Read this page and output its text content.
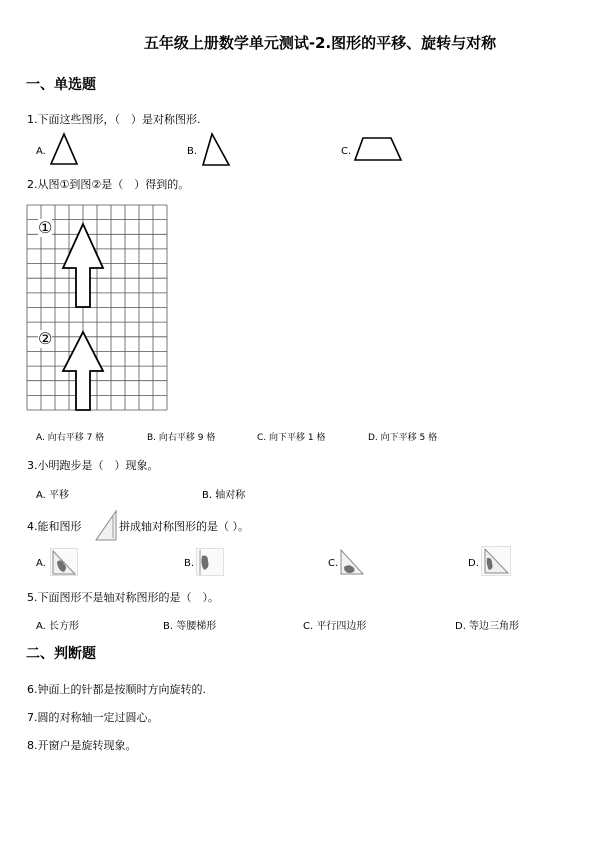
五年级上册数学单元测试-2.图形的平移、旋转与对称
一、单选题
1.下面这些图形，（　）是对称图形.
A.	B.	C.
2.从图①到图②是（　）得到的。
①
②
A. 向右平移 7 格	B. 向右平移 9 格	C. 向下平移 1 格	D. 向下平移 5 格
3.小明跑步是（　）现象。
A. 平移	B. 轴对称
4.能和图形	拼成轴对称图形的是（ ）。
A.	B.	C.	D.
5.下面图形不是轴对称图形的是（　）。
A. 长方形	B. 等腰梯形	C. 平行四边形	D. 等边三角形
二、判断题
6.钟面上的针都是按顺时方向旋转的.
7.圆的对称轴一定过圆心。
8.开窗户是旋转现象。
